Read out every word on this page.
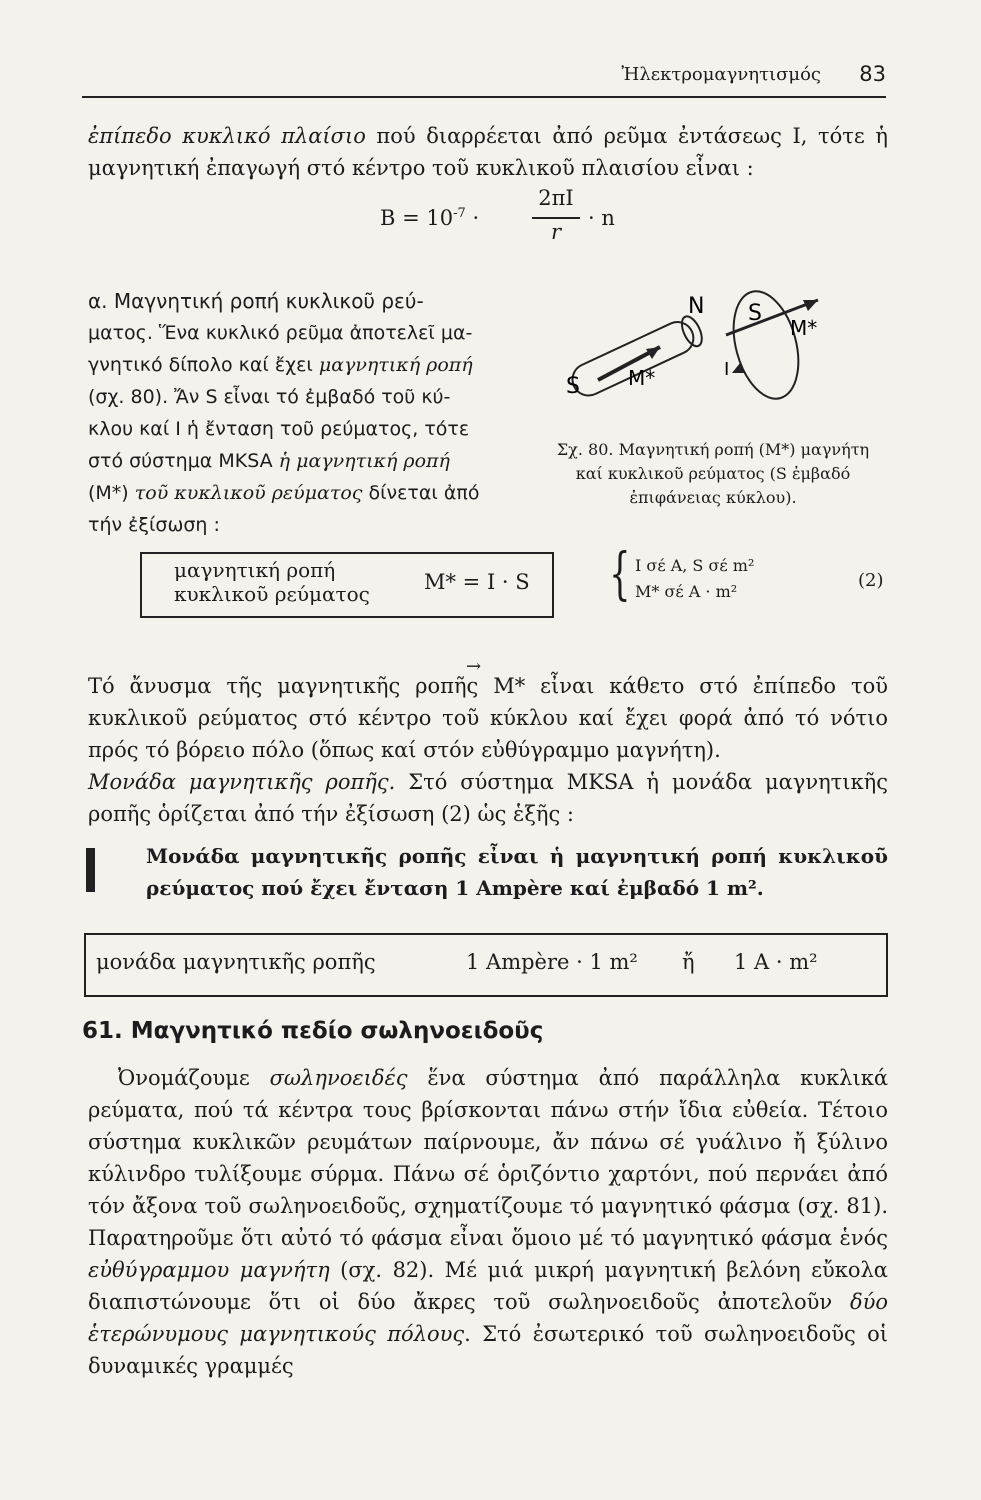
Ἠλεκτρομαγνητισμός 83
ἐπίπεδο κυκλικό πλαίσιο πού διαρρέεται ἀπό ρεῦμα ἐντάσεως I, τότε ἡ μαγνητική ἐπαγωγή στό κέντρο τοῦ κυκλικοῦ πλαισίου εἶναι :
$B = 10^{-7}$ ·
2πI
r
· n
α. Μαγνητική ροπή κυκλικοῦ ρεύ-
ματος. Ἕνα κυκλικό ρεῦμα ἀποτελεῖ μα-
γνητικό δίπολο καί ἔχει μαγνητική ροπή
(σχ. 80). Ἄν S εἶναι τό ἐμβαδό τοῦ κύ-
κλου καί I ἡ ἔνταση τοῦ ρεύματος, τότε
στό σύστημα MKSA ἡ μαγνητική ροπή
(M*) τοῦ κυκλικοῦ ρεύματος δίνεται ἀπό
τήν ἐξίσωση :
N S
M*
S M*	I
Σχ. 80. Μαγνητική ροπή (M*) μαγνήτη καί κυκλικοῦ ρεύματος (S ἐμβαδό ἐπιφάνειας κύκλου).
μαγνητική ροπή
κυκλικοῦ ρεύματος	M* = I · S { I σέ A, S σέ m²
M* σέ A · m²
(2)
→
Τό ἄνυσμα τῆς μαγνητικῆς ροπῆς M* εἶναι κάθετο στό ἐπίπεδο τοῦ κυκλικοῦ ρεύματος στό κέντρο τοῦ κύκλου καί ἔχει φορά ἀπό τό νότιο πρός τό βόρειο πόλο (ὅπως καί στόν εὐθύγραμμο μαγνήτη).
Μονάδα μαγνητικῆς ροπῆς. Στό σύστημα MKSA ἡ μονάδα μαγνητικῆς ροπῆς ὁρίζεται ἀπό τήν ἐξίσωση (2) ὡς ἑξῆς :
Μονάδα μαγνητικῆς ροπῆς εἶναι ἡ μαγνητική ροπή κυκλικοῦ ρεύματος πού ἔχει ἔνταση 1 Ampère καί ἐμβαδό 1 m².
μονάδα μαγνητικῆς ροπῆς	1 Ampère · 1 m² ἤ 1 A · m²
61. Μαγνητικό πεδίο σωληνοειδοῦς
Ὀνομάζουμε σωληνοειδές ἕνα σύστημα ἀπό παράλληλα κυκλικά ρεύματα, πού τά κέντρα τους βρίσκονται πάνω στήν ἴδια εὐθεία. Τέτοιο σύστημα κυκλικῶν ρευμάτων παίρνουμε, ἄν πάνω σέ γυάλινο ἤ ξύλινο κύλινδρο τυλίξουμε σύρμα. Πάνω σέ ὁριζόντιο χαρτόνι, πού περνάει ἀπό τόν ἄξονα τοῦ σωληνοειδοῦς, σχηματίζουμε τό μαγνητικό φάσμα (σχ. 81). Παρατηροῦμε ὅτι αὐτό τό φάσμα εἶναι ὅμοιο μέ τό μαγνητικό φάσμα ἑνός εὐθύγραμμου μαγνήτη (σχ. 82). Μέ μιά μικρή μαγνητική βελόνη εὔκολα διαπιστώνουμε ὅτι οἱ δύο ἄκρες τοῦ σωληνοειδοῦς ἀποτελοῦν δύο ἑτερώνυμους μαγνητικούς πόλους. Στό ἐσωτερικό τοῦ σωληνοειδοῦς οἱ δυναμικές γραμμές
